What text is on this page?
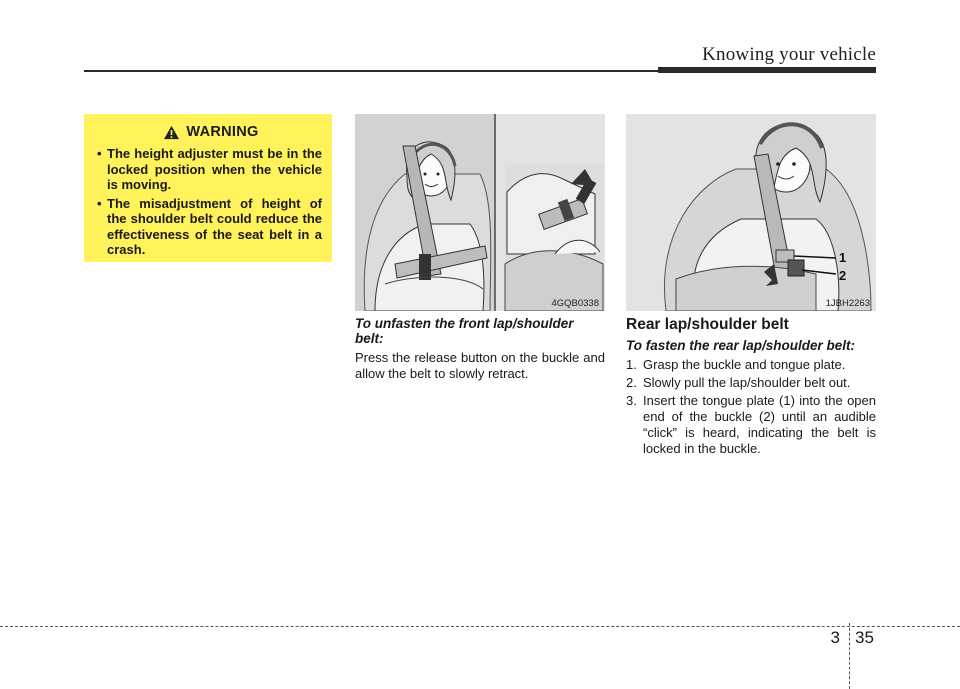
Knowing your vehicle
WARNING
• The height adjuster must be in the locked position when the vehicle is moving.
• The misadjustment of height of the shoulder belt could reduce the effectiveness of the seat belt in a crash.
4GQB0338
1
2
1JBH2263
To unfasten the front lap/shoulder belt:
Press the release button on the buckle and allow the belt to slowly retract.
Rear lap/shoulder belt
To fasten the rear lap/shoulder belt:
1. Grasp the buckle and tongue plate.
2. Slowly pull the lap/shoulder belt out.
3. Insert the tongue plate (1) into the open end of the buckle (2) until an audible “click” is heard, indicating the belt is locked in the buckle.
3 35
